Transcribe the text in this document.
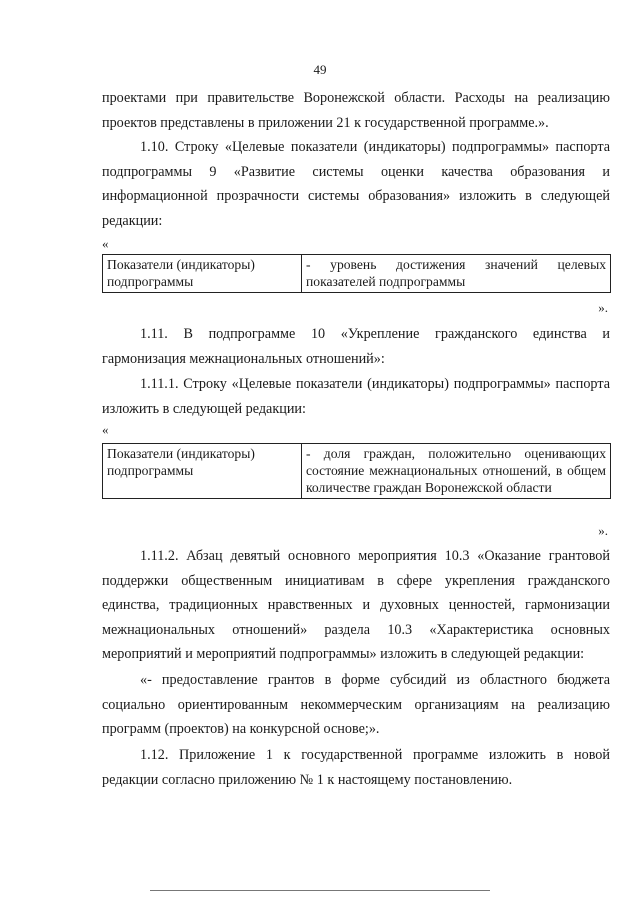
49

проектами при правительстве Воронежской области. Расходы на реализацию проектов представлены в приложении 21 к государственной программе.».

1.10. Строку «Целевые показатели (индикаторы) подпрограммы» паспорта подпрограммы 9 «Развитие системы оценки качества образования и информационной прозрачности системы образования» изложить в следующей редакции:

«

Показатели (индикаторы) подпрограммы	- уровень достижения значений целевых показателей подпрограммы

».

1.11. В подпрограмме 10 «Укрепление гражданского единства и гармонизация межнациональных отношений»:

1.11.1. Строку «Целевые показатели (индикаторы) подпрограммы» паспорта изложить в следующей редакции:

«

Показатели (индикаторы) подпрограммы	- доля граждан, положительно оценивающих состояние межнациональных отношений, в общем количестве граждан Воронежской области

».

1.11.2. Абзац девятый основного мероприятия 10.3 «Оказание грантовой поддержки общественным инициативам в сфере укрепления гражданского единства, традиционных нравственных и духовных ценностей, гармонизации межнациональных отношений» раздела 10.3 «Характеристика основных мероприятий и мероприятий подпрограммы» изложить в следующей редакции:

«- предоставление грантов в форме субсидий из областного бюджета социально ориентированным некоммерческим организациям на реализацию программ (проектов) на конкурсной основе;».

1.12. Приложение 1 к государственной программе изложить в новой редакции согласно приложению № 1 к настоящему постановлению.
